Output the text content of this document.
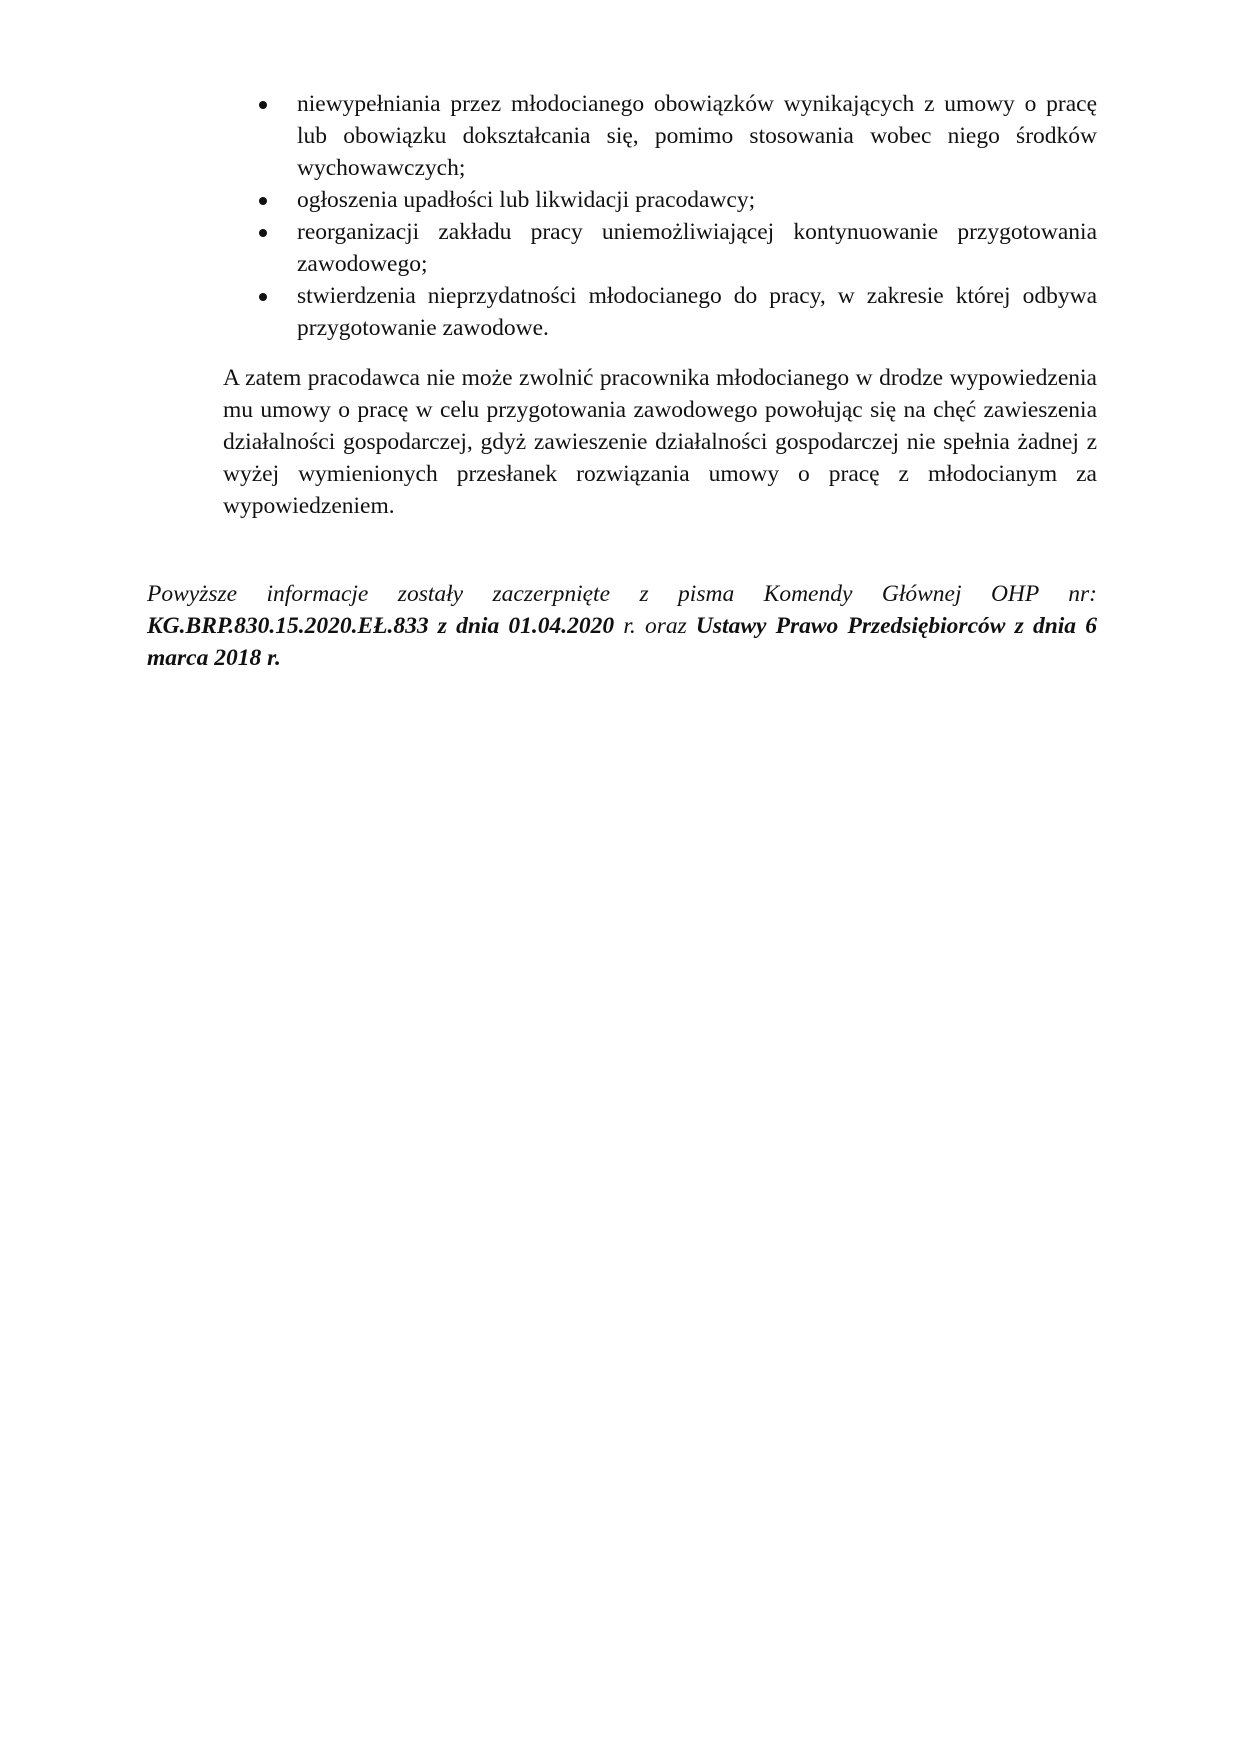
niewypełniania przez młodocianego obowiązków wynikających z umowy o pracę lub obowiązku dokształcania się, pomimo stosowania wobec niego środków wychowawczych;
ogłoszenia upadłości lub likwidacji pracodawcy;
reorganizacji zakładu pracy uniemożliwiającej kontynuowanie przygotowania zawodowego;
stwierdzenia nieprzydatności młodocianego do pracy, w zakresie której odbywa przygotowanie zawodowe.

A zatem pracodawca nie może zwolnić pracownika młodocianego w drodze wypowiedzenia mu umowy o pracę w celu przygotowania zawodowego powołując się na chęć zawieszenia działalności gospodarczej, gdyż zawieszenie działalności gospodarczej nie spełnia żadnej z wyżej wymienionych przesłanek rozwiązania umowy o pracę z młodocianym za wypowiedzeniem.

Powyższe informacje zostały zaczerpnięte z pisma Komendy Głównej OHP nr: KG.BRP.830.15.2020.EŁ.833 z dnia 01.04.2020 r. oraz Ustawy Prawo Przedsiębiorców z dnia 6 marca 2018 r.
